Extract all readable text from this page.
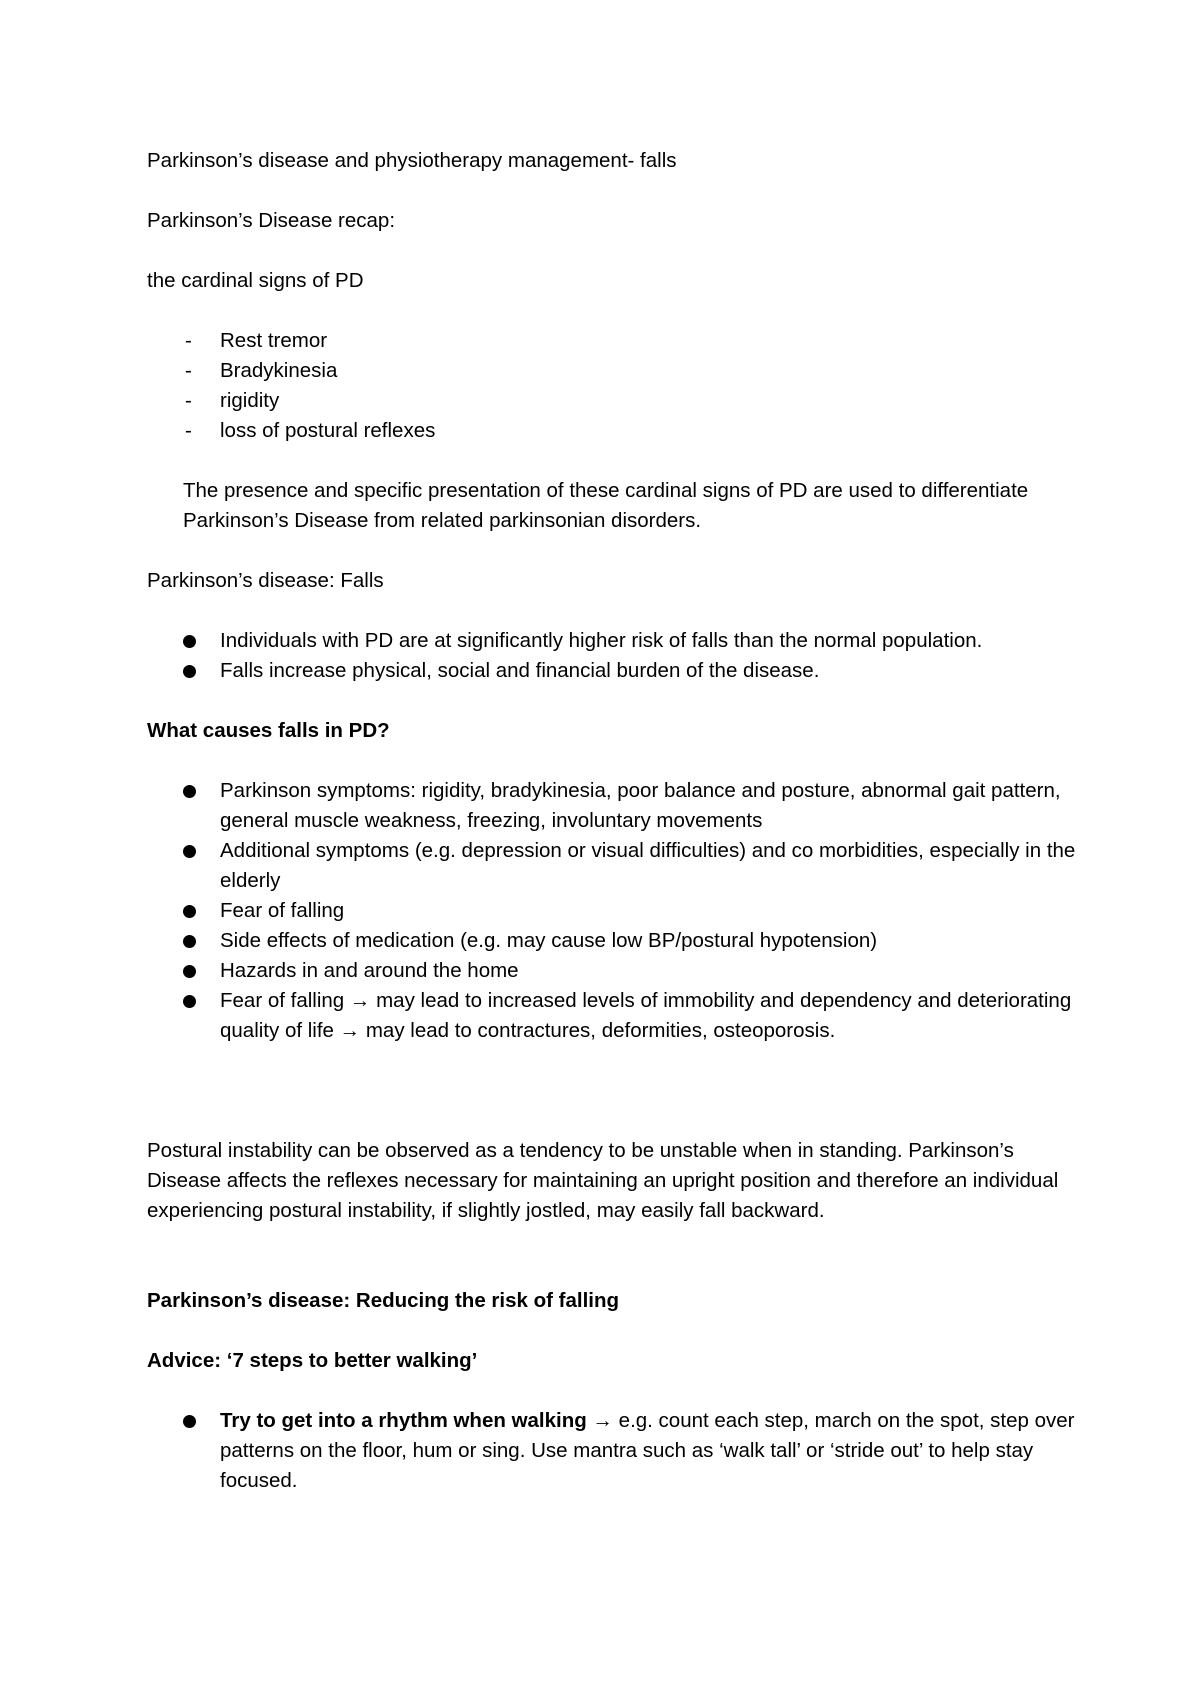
Parkinson’s disease and physiotherapy management- falls

Parkinson’s Disease recap:

the cardinal signs of PD

- Rest tremor
- Bradykinesia
- rigidity
- loss of postural reflexes

The presence and specific presentation of these cardinal signs of PD are used to differentiate Parkinson’s Disease from related parkinsonian disorders.

Parkinson’s disease: Falls

Individuals with PD are at significantly higher risk of falls than the normal population.
Falls increase physical, social and financial burden of the disease.

What causes falls in PD?

Parkinson symptoms: rigidity, bradykinesia, poor balance and posture, abnormal gait pattern, general muscle weakness, freezing, involuntary movements
Additional symptoms (e.g. depression or visual difficulties) and co morbidities, especially in the elderly
Fear of falling
Side effects of medication (e.g. may cause low BP/postural hypotension)
Hazards in and around the home
Fear of falling → may lead to increased levels of immobility and dependency and deteriorating quality of life → may lead to contractures, deformities, osteoporosis.

Postural instability can be observed as a tendency to be unstable when in standing. Parkinson’s Disease affects the reflexes necessary for maintaining an upright position and therefore an individual experiencing postural instability, if slightly jostled, may easily fall backward.

Parkinson’s disease: Reducing the risk of falling

Advice: ‘7 steps to better walking’

Try to get into a rhythm when walking → e.g. count each step, march on the spot, step over patterns on the floor, hum or sing. Use mantra such as ‘walk tall’ or ‘stride out’ to help stay focused.
